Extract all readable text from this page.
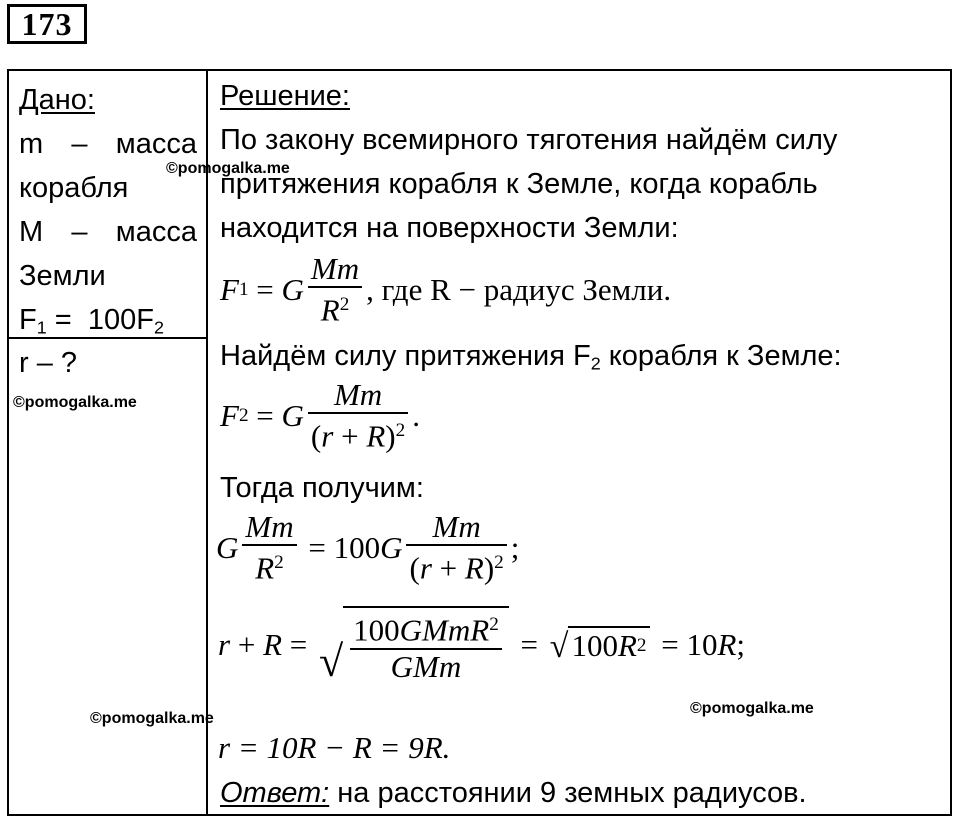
173
Дано:
m – масса
корабля
M – масса
Земли
$F_1 = 100F_2$
r – ?
Решение:
По закону всемирного тяготения найдём силу
притяжения корабля к Земле, когда корабль
находится на поверхности Земли:
F 1 = G $\frac{Mm}{R^2}$ , где R − радиус Земли.
Найдём силу притяжения $F_2$ корабля к Земле:
F 2 = G $\frac{Mm}{(r + R)^2}$ .
Тогда получим:
G $\frac{Mm}{R^2} = 100$ G $\frac{Mm}{(r + R)^2}$ ;
r + R = √ $\frac{100GMmR^2}{\text{GMm}}$ = √ 100 R 2 = 10 R ;
r = 10R − R = 9R.
Ответ: на расстоянии 9 земных радиусов.
©pomogalka.me
©pomogalka.me
©pomogalka.me
©pomogalka.me
